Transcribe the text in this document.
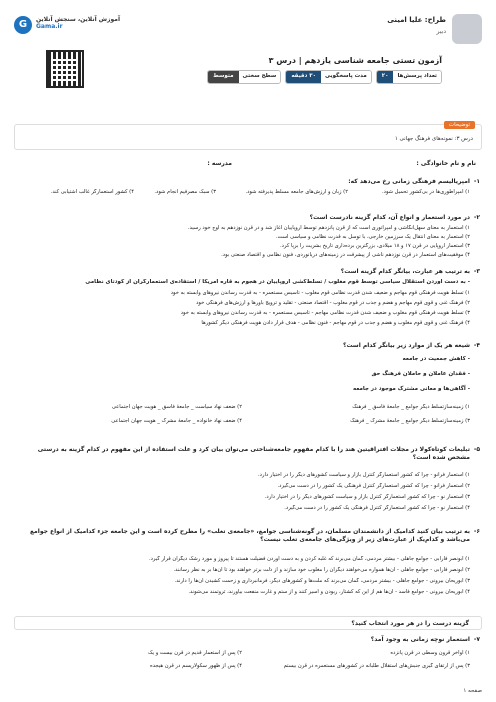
طراح: علیا امینی
دبیر
G	آموزش آنلاین، سنجش آنلاین
Gama.ir
آزمون تستی جامعه شناسی یازدهم | درس ۳
تعداد پرسش‌ها
۲۰
مدت پاسخگویی
۳۰ دقیقه
سطح سختی
متوسط
توضیحات
درس ۳: نمونه‌های فرهنگ جهانی ۱
نام و نام خانوادگی :
مدرسه :
۱-
امپریالیسم فرهنگی زمانی رخ می‌دهد که:
۱) امپراطوری‌ها در بی‌کشور تحمیل شود.
۲) زبان و ارزش‌های جامعه مسلط پذیرفته شود.
۳) سبک مصرفیم انجام شود.
۴) کشور استعمارگر غالب اشتیابی کند.
۲-
در مورد استعمار و انواع آن، کدام گزینه نادرست است؟
۱) استعمار به معنای سهل‌انگاشی و امپراتوری است که از قرن پانزدهم توسط اروپاییان آغاز شد و در قرن نوزدهم به اوج خود رسید.
۲) استعمار به معنای انتقال یک سرزمین خارجی، با توسل به قدرت نظامی و سیاسی است.
۳) استعمار اروپایی در قرن ۱۷ و ۱۸ میلادی، بزرگترین برده‌داری تاریخ بشریت را برپا کرد.
۴) موفقیت‌های استعمار در قرن نوزدهم ناشی از پیشرفت در زمینه‌های دریانوردی، فنون نظامی و اقتصاد صنعتی بود.
۳-
به ترتیب هر عبارت، بیانگر کدام گزینه است؟
- به دست آوردن استقلال سیاسی توسط قوم مغلوب / تسلط‌کشی اروپاییان در هجوم به قاره آمریکا / استفاده‌ی استعمارگران از کودتای نظامی
۱) تسلط هویت فرهنگی قوم مهاجم و ضعیف شدن قدرت نظامی قوم مغلوب - تأسیس مستعمره - به قدرت رساندن نیروهای وابسته به خود
۲) فرهنگ غنی و قوی قوم مهاجم و هضم و جذب در قوم مغلوب - اقتصاد صنعتی - تقلید و ترویج باورها و ارزش‌های فرهنگی خود
۳) تسلط هویت فرهنگی قوم مغلوب و ضعیف شدن قدرت نظامی مهاجم - تأسیس مستعمره - به قدرت رساندن نیروهای وابسته به خود
۴) فرهنگ غنی و قوی قوم مغلوب و هضم و جذب در قوم مهاجم - فنون نظامی - هدف قرار دادن هویت فرهنگی دیگر کشورها
۴-
شیعه هر یک از موارد زیر بیانگر کدام است؟
- کاهش جمعیت در جامعه
- فقدان عاملان و حاملان فرهنگ حق
- آگاهی‌ها و معانی مشترک موجود در جامعه
۱) زمینه‌سازتسلط دیگر جوامع _ جامعۀ فاسق _ فرهنگ
۲) ضعف نهاد سیاست _ جامعۀ فاسق _ هویت جهان اجتماعی
۳) زمینه‌سازتسلط دیگر جوامع _ جامعۀ مشرک _ فرهنگ
۴) ضعف نهاد خانواده _ جامعۀ مشرک _ هویت جهان اجتماعی
۵-
تبلیغات کوتاه‌کولا در مجلات افتراقیتین هند را با کدام مفهوم جامعه‌شناختی می‌توان بیان کرد و علت استفاده از این مفهوم در کدام گزینه به درستی مشخص شده است؟
۱) استعمار فرانو - چرا که کشور استعمارگر کنترل بازار و سیاست کشورهای دیگر را در اختیار دارد.
۲) استعمار فرانو - چرا که کشور استعمارگر کنترل فرهنگی یک کشور را در دست می‌گیرد.
۳) استعمار نو - چرا که کشور استعمارگر کنترل بازار و سیاست کشورهای دیگر را در اختیار دارد.
۴) استعمار نو - چرا که کشور استعمارگر کنترل فرهنگی یک کشور را در دست می‌گیرد.
۶-
به ترتیب بیان کنید کدامیک از دانشمندان مسلمان، در گونه‌شناسی جوامع، «جامعه‌ی تغلب» را مطرح کرده است و این جامعه جزء کدامیک از انواع جوامع می‌باشد و کدام‌یک از عبارت‌های زیر از ویژگی‌های جامعه‌ی تغلب نیست؟
۱) ابونصر فارابی - جوامع جاهلی - بیشتر مردمی، گمان می‌برند که غلبه کردن و به دست آوردن فضیلت هستند تا پیروز و مورد رشک دیگران قرار گیرد.
۲) ابونصر فارابی - جوامع جاهلی - آن‌ها همواره می‌خواهند دیگران را مغلوب خود سازند و از ذلت برتر خواهند بود تا آن‌ها بر به نظر رسانند.
۳) ابوریحان بیرونی - جوامع جاهلی - بیشتر مردمی، گمان می‌برند که ملت‌ها و کشورهای دیگر، فرمانبرداری و زحمت کشیدن آن‌ها را دارند.
۴) ابوریحان بیرونی - جوامع فاسد - آن‌ها هم از این که کشتار، ربودن و اسیر کنند و از ستم و غارت منفعت بیاورند، ثروتمند می‌شوند.
گزینه درست را در هر مورد انتخاب کنید؟
۷-
استعمار نوچه زمانی به وجود آمد؟
۱) اواخر قرون وسطی در قرن پانزده
۲) پس از استعمار قدیم در قرن بیست و یک
۳) پس از ارتقای گیری جنبش‌های استقلال طلبانه در کشورهای مستعمره در قرن بیستم
۴) پس از ظهور سکولاریسم در قرن هیجده
صفحه ۱
